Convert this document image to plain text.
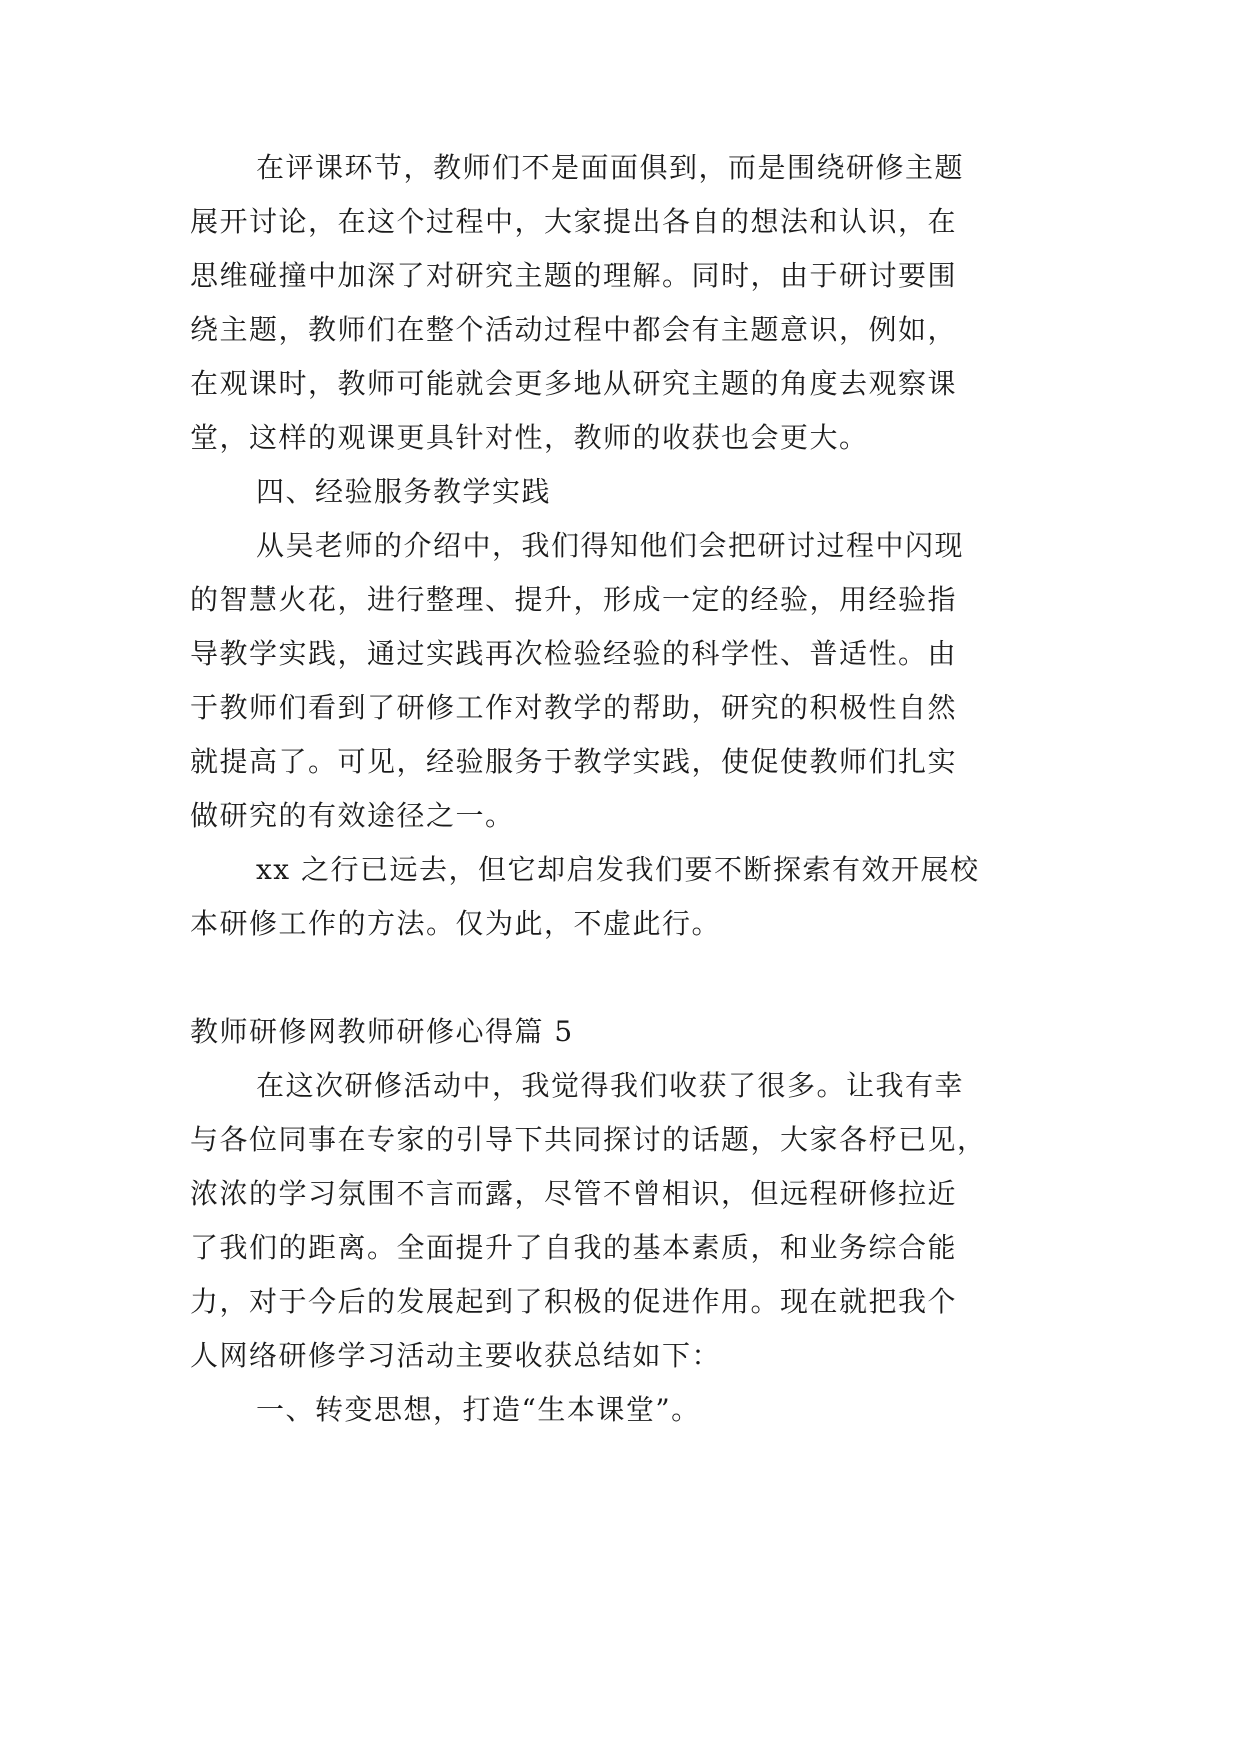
在评课环节，教师们不是面面俱到，而是围绕研修主题
展开讨论，在这个过程中，大家提出各自的想法和认识，在
思维碰撞中加深了对研究主题的理解。同时，由于研讨要围
绕主题，教师们在整个活动过程中都会有主题意识，例如，
在观课时，教师可能就会更多地从研究主题的角度去观察课
堂，这样的观课更具针对性，教师的收获也会更大。
四、经验服务教学实践
从吴老师的介绍中，我们得知他们会把研讨过程中闪现
的智慧火花，进行整理、提升，形成一定的经验，用经验指
导教学实践，通过实践再次检验经验的科学性、普适性。由
于教师们看到了研修工作对教学的帮助，研究的积极性自然
就提高了。可见，经验服务于教学实践，使促使教师们扎实
做研究的有效途径之一。
xx 之行已远去，但它却启发我们要不断探索有效开展校
本研修工作的方法。仅为此，不虚此行。
教师研修网教师研修心得篇 5
在这次研修活动中，我觉得我们收获了很多。让我有幸
与各位同事在专家的引导下共同探讨的话题，大家各杼已见，
浓浓的学习氛围不言而露，尽管不曾相识，但远程研修拉近
了我们的距离。全面提升了自我的基本素质，和业务综合能
力，对于今后的发展起到了积极的促进作用。现在就把我个
人网络研修学习活动主要收获总结如下：
一、转变思想，打造“生本课堂”。
